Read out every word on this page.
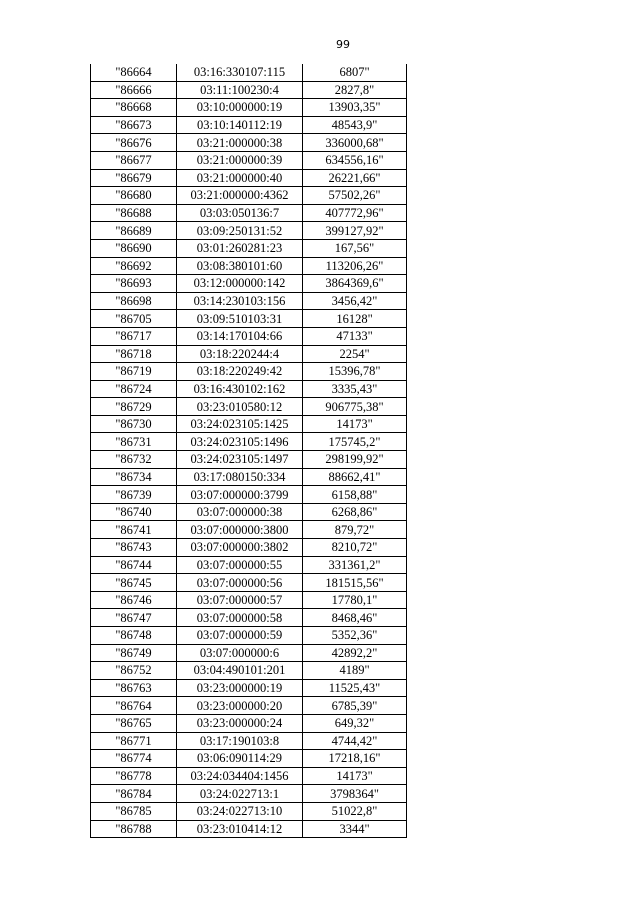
99
"86664	03:16:330107:115	6807"
"86666	03:11:100230:4	2827,8"
"86668	03:10:000000:19	13903,35"
"86673	03:10:140112:19	48543,9"
"86676	03:21:000000:38	336000,68"
"86677	03:21:000000:39	634556,16"
"86679	03:21:000000:40	26221,66"
"86680	03:21:000000:4362	57502,26"
"86688	03:03:050136:7	407772,96"
"86689	03:09:250131:52	399127,92"
"86690	03:01:260281:23	167,56"
"86692	03:08:380101:60	113206,26"
"86693	03:12:000000:142	3864369,6"
"86698	03:14:230103:156	3456,42"
"86705	03:09:510103:31	16128"
"86717	03:14:170104:66	47133"
"86718	03:18:220244:4	2254"
"86719	03:18:220249:42	15396,78"
"86724	03:16:430102:162	3335,43"
"86729	03:23:010580:12	906775,38"
"86730	03:24:023105:1425	14173"
"86731	03:24:023105:1496	175745,2"
"86732	03:24:023105:1497	298199,92"
"86734	03:17:080150:334	88662,41"
"86739	03:07:000000:3799	6158,88"
"86740	03:07:000000:38	6268,86"
"86741	03:07:000000:3800	879,72"
"86743	03:07:000000:3802	8210,72"
"86744	03:07:000000:55	331361,2"
"86745	03:07:000000:56	181515,56"
"86746	03:07:000000:57	17780,1"
"86747	03:07:000000:58	8468,46"
"86748	03:07:000000:59	5352,36"
"86749	03:07:000000:6	42892,2"
"86752	03:04:490101:201	4189"
"86763	03:23:000000:19	11525,43"
"86764	03:23:000000:20	6785,39"
"86765	03:23:000000:24	649,32"
"86771	03:17:190103:8	4744,42"
"86774	03:06:090114:29	17218,16"
"86778	03:24:034404:1456	14173"
"86784	03:24:022713:1	3798364"
"86785	03:24:022713:10	51022,8"
"86788	03:23:010414:12	3344"
